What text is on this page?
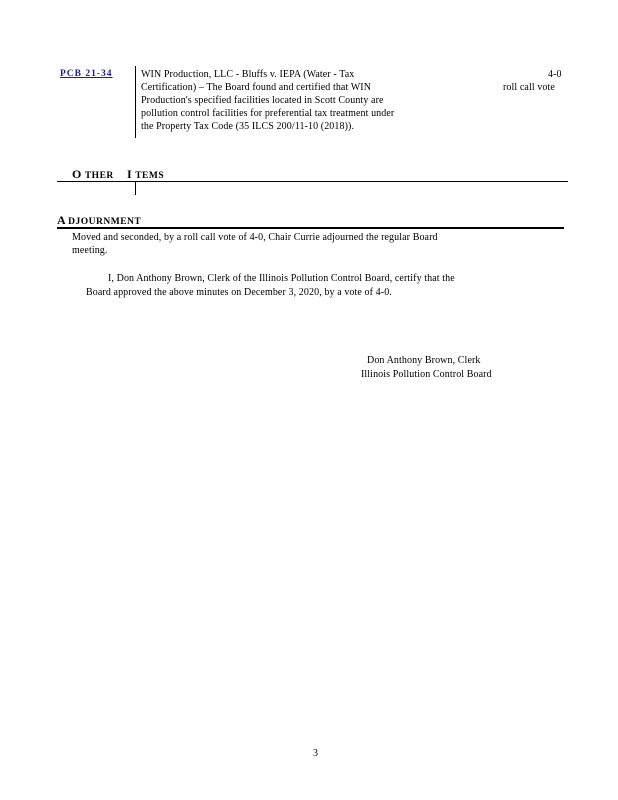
PCB 21-34	WIN Production, LLC - Bluffs v. IEPA (Water - Tax
Certification) – The Board found and certified that WIN
Production's specified facilities located in Scott County are
pollution control facilities for preferential tax treatment under
the Property Tax Code (35 ILCS 200/11-10 (2018)).
4-0
roll call vote
O THER I TEMS
A DJOURNMENT
Moved and seconded, by a roll call vote of 4-0, Chair Currie adjourned the regular Board
meeting.
I, Don Anthony Brown, Clerk of the Illinois Pollution Control Board, certify that the
Board approved the above minutes on December 3, 2020, by a vote of 4-0.
Don Anthony Brown, Clerk
Illinois Pollution Control Board
3
